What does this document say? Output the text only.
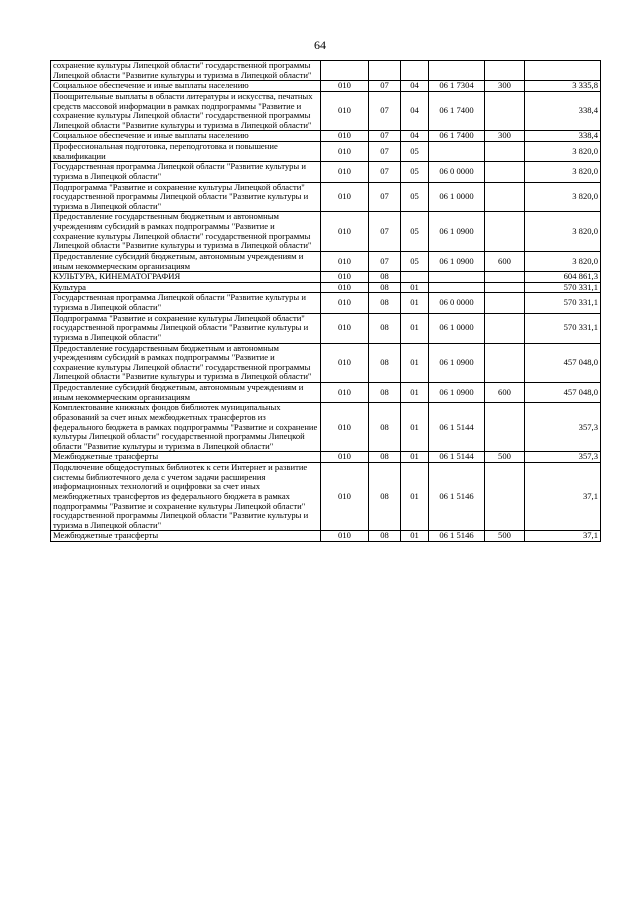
64
сохранение культуры Липецкой области" государственной программы Липецкой области "Развитие культуры и туризма в Липецкой области"						
Социальное обеспечение и иные выплаты населению	010	07	04	06 1 7304	300	3 335,8
Поощрительные выплаты в области литературы и искусства, печатных средств массовой информации в рамках подпрограммы "Развитие и сохранение культуры Липецкой области" государственной программы Липецкой области "Развитие культуры и туризма в Липецкой области"	010	07	04	06 1 7400		338,4
Социальное обеспечение и иные выплаты населению	010	07	04	06 1 7400	300	338,4
Профессиональная подготовка, переподготовка и повышение квалификации	010	07	05			3 820,0
Государственная программа Липецкой области "Развитие культуры и туризма в Липецкой области"	010	07	05	06 0 0000		3 820,0
Подпрограмма "Развитие и сохранение культуры Липецкой области" государственной программы Липецкой области "Развитие культуры и туризма в Липецкой области"	010	07	05	06 1 0000		3 820,0
Предоставление государственным бюджетным и автономным учреждениям субсидий в рамках подпрограммы "Развитие и сохранение культуры Липецкой области" государственной программы Липецкой области "Развитие культуры и туризма в Липецкой области"	010	07	05	06 1 0900		3 820,0
Предоставление субсидий бюджетным, автономным учреждениям и иным некоммерческим организациям	010	07	05	06 1 0900	600	3 820,0
КУЛЬТУРА, КИНЕМАТОГРАФИЯ	010	08				604 861,3
Культура	010	08	01			570 331,1
Государственная программа Липецкой области "Развитие культуры и туризма в Липецкой области"	010	08	01	06 0 0000		570 331,1
Подпрограмма "Развитие и сохранение культуры Липецкой области" государственной программы Липецкой области "Развитие культуры и туризма в Липецкой области"	010	08	01	06 1 0000		570 331,1
Предоставление государственным бюджетным и автономным учреждениям субсидий в рамках подпрограммы "Развитие и сохранение культуры Липецкой области" государственной программы Липецкой области "Развитие культуры и туризма в Липецкой области"	010	08	01	06 1 0900		457 048,0
Предоставление субсидий бюджетным, автономным учреждениям и иным некоммерческим организациям	010	08	01	06 1 0900	600	457 048,0
Комплектование книжных фондов библиотек муниципальных образований за счет иных межбюджетных трансфертов из федерального бюджета в рамках подпрограммы "Развитие и сохранение культуры Липецкой области" государственной программы Липецкой области "Развитие культуры и туризма в Липецкой области"	010	08	01	06 1 5144		357,3
Межбюджетные трансферты	010	08	01	06 1 5144	500	357,3
Подключение общедоступных библиотек к сети Интернет и развитие системы библиотечного дела с учетом задачи расширения информационных технологий и оцифровки за счет иных межбюджетных трансфертов из федерального бюджета в рамках подпрограммы "Развитие и сохранение культуры Липецкой области" государственной программы Липецкой области "Развитие культуры и туризма в Липецкой области"	010	08	01	06 1 5146		37,1
Межбюджетные трансферты	010	08	01	06 1 5146	500	37,1
